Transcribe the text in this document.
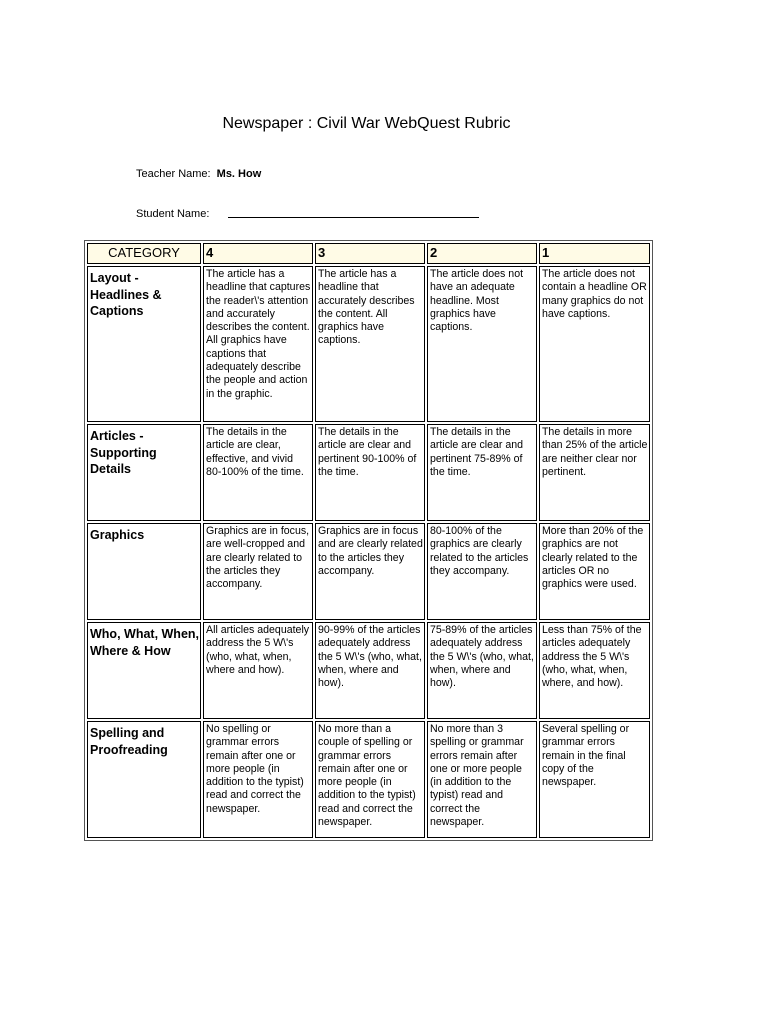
Newspaper : Civil War WebQuest Rubric
Teacher Name: Ms. How
Student Name:
CATEGORY	4	3	2	1
Layout - Headlines & Captions	The article has a headline that captures the reader\'s attention and accurately describes the content. All graphics have captions that adequately describe the people and action in the graphic.	The article has a headline that accurately describes the content. All graphics have captions.	The article does not have an adequate headline. Most graphics have captions.	The article does not contain a headline OR many graphics do not have captions.
Articles - Supporting Details	The details in the article are clear, effective, and vivid 80-100% of the time.	The details in the article are clear and pertinent 90-100% of the time.	The details in the article are clear and pertinent 75-89% of the time.	The details in more than 25% of the article are neither clear nor pertinent.
Graphics	Graphics are in focus, are well-cropped and are clearly related to the articles they accompany.	Graphics are in focus and are clearly related to the articles they accompany.	80-100% of the graphics are clearly related to the articles they accompany.	More than 20% of the graphics are not clearly related to the articles OR no graphics were used.
Who, What, When, Where & How	All articles adequately address the 5 W\'s (who, what, when, where and how).	90-99% of the articles adequately address the 5 W\'s (who, what, when, where and how).	75-89% of the articles adequately address the 5 W\'s (who, what, when, where and how).	Less than 75% of the articles adequately address the 5 W\'s (who, what, when, where, and how).
Spelling and Proofreading	No spelling or grammar errors remain after one or more people (in addition to the typist) read and correct the newspaper.	No more than a couple of spelling or grammar errors remain after one or more people (in addition to the typist) read and correct the newspaper.	No more than 3 spelling or grammar errors remain after one or more people (in addition to the typist) read and correct the newspaper.	Several spelling or grammar errors remain in the final copy of the newspaper.
